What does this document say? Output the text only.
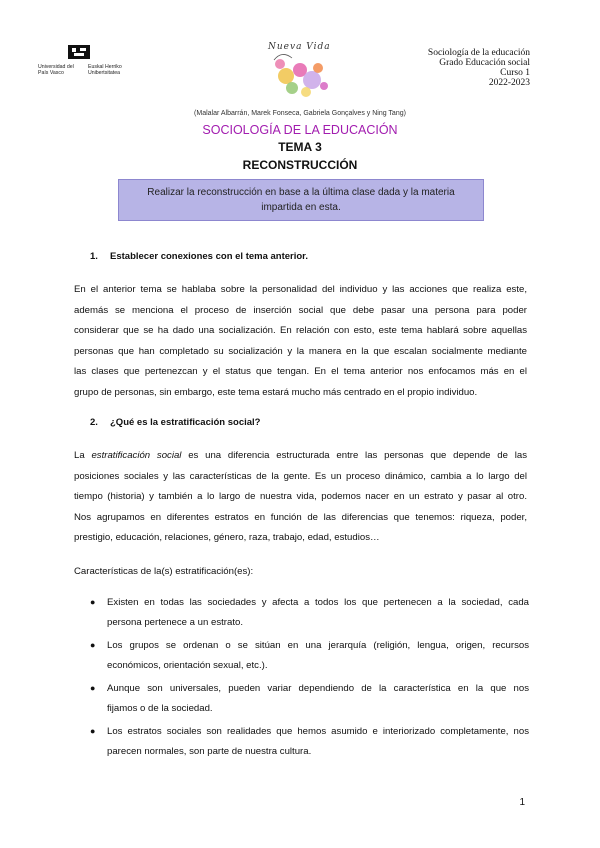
Universidad del País Vasco
Euskal Herriko Unibertsitatea
Nueva Vida
Sociología de la educación
Grado Educación social
Curso 1
2022-2023
(Malalar Albarrán, Marek Fonseca, Gabriela Gonçalves y Ning Tang)
SOCIOLOGÍA DE LA EDUCACIÓN
TEMA 3
RECONSTRUCCIÓN
Realizar la reconstrucción en base a la última clase dada y la materia impartida en esta.
1. Establecer conexiones con el tema anterior.
En el anterior tema se hablaba sobre la personalidad del individuo y las acciones que realiza este,
además se menciona el proceso de inserción social que debe pasar una persona para poder
considerar que se ha dado una socialización. En relación con esto, este tema hablará sobre aquellas
personas que han completado su socialización y la manera en la que escalan socialmente mediante
las clases que pertenezcan y el status que tengan. En el tema anterior nos enfocamos más en el
grupo de personas, sin embargo, este tema estará mucho más centrado en el propio individuo.
2. ¿Qué es la estratificación social?
La estratificación social es una diferencia estructurada entre las personas que depende de las
posiciones sociales y las características de la gente. Es un proceso dinámico, cambia a lo largo del
tiempo (historia) y también a lo largo de nuestra vida, podemos nacer en un estrato y pasar al otro.
Nos agrupamos en diferentes estratos en función de las diferencias que tenemos: riqueza, poder,
prestigio, educación, relaciones, género, raza, trabajo, edad, estudios…
Características de la(s) estratificación(es):
● Existen en todas las sociedades y afecta a todos los que pertenecen a la sociedad, cada
persona pertenece a un estrato.
● Los grupos se ordenan o se sitúan en una jerarquía (religión, lengua, origen, recursos
económicos, orientación sexual, etc.).
● Aunque son universales, pueden variar dependiendo de la característica en la que nos
fijamos o de la sociedad.
● Los estratos sociales son realidades que hemos asumido e interiorizado completamente, nos
parecen normales, son parte de nuestra cultura.
1
